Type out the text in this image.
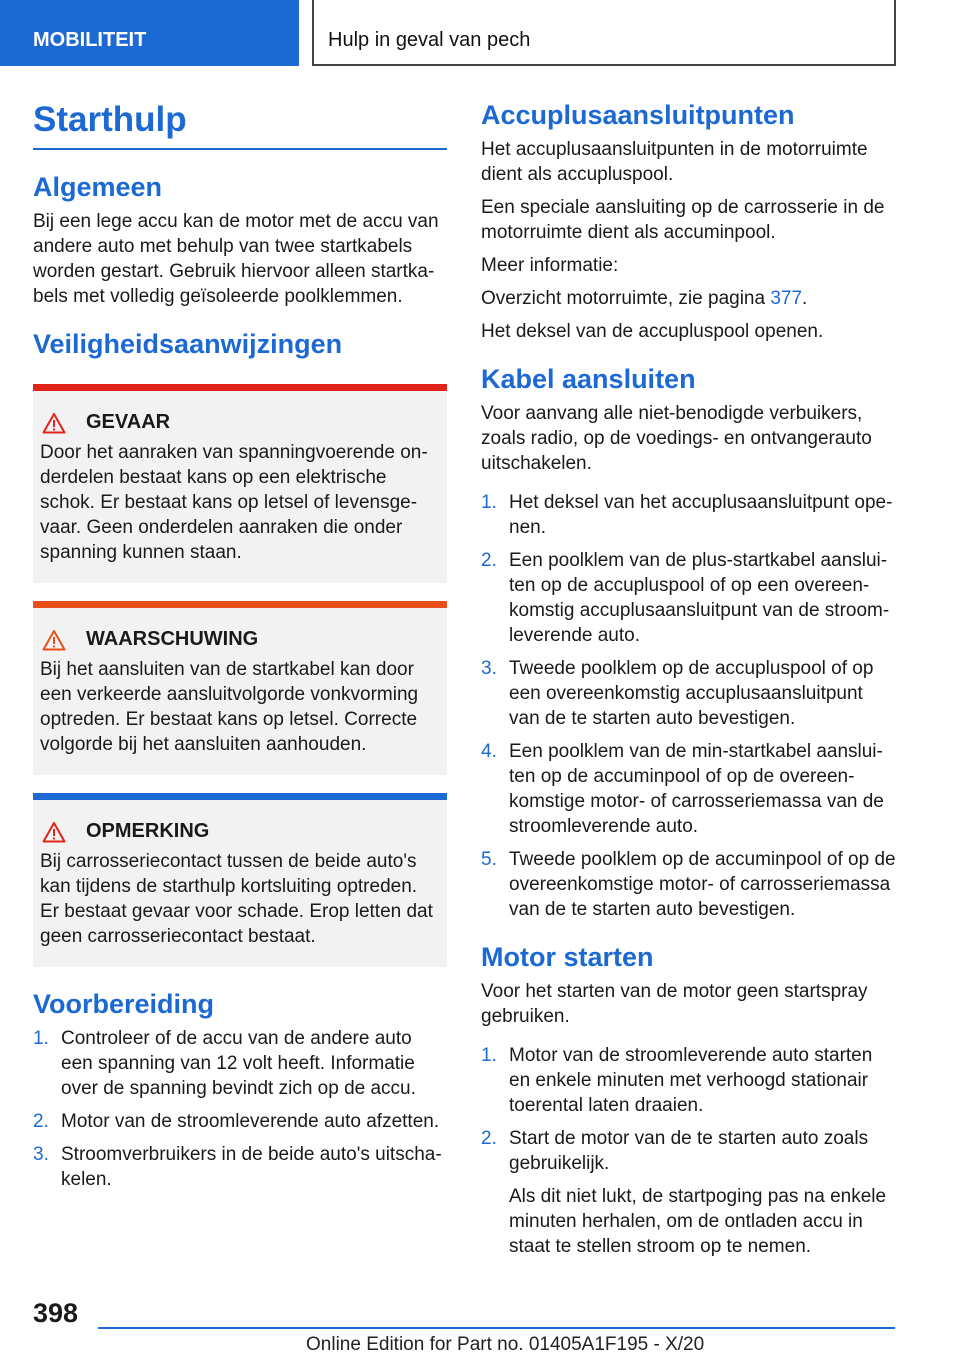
MOBILITEIT	Hulp in geval van pech
Starthulp
Algemeen

Bij een lege accu kan de motor met de accu van andere auto met behulp van twee startkabels worden gestart. Gebruik hiervoor alleen startkabels met volledig geïsoleerde poolklemmen.

Veiligheidsaanwijzingen
GEVAAR
Door het aanraken van spanningvoerende onderdelen bestaat kans op een elektrische schok. Er bestaat kans op letsel of levensgevaar. Geen onderdelen aanraken die onder spanning kunnen staan.
WAARSCHUWING
Bij het aansluiten van de startkabel kan door een verkeerde aansluitvolgorde vonkvorming optreden. Er bestaat kans op letsel. Correcte volgorde bij het aansluiten aanhouden.
OPMERKING
Bij carrosseriecontact tussen de beide auto's kan tijdens de starthulp kortsluiting optreden. Er bestaat gevaar voor schade. Erop letten dat geen carrosseriecontact bestaat.
Voorbereiding
1. Controleer of de accu van de andere auto een spanning van 12 volt heeft. Informatie over de spanning bevindt zich op de accu.
2. Motor van de stroomleverende auto afzetten.
3. Stroomverbruikers in de beide auto's uitschakelen.
Accuplusaansluitpunten

Het accuplusaansluitpunten in de motorruimte dient als accupluspool.

Een speciale aansluiting op de carrosserie in de motorruimte dient als accuminpool.

Meer informatie:

Overzicht motorruimte, zie pagina 377.

Het deksel van de accupluspool openen.

Kabel aansluiten

Voor aanvang alle niet-benodigde verbuikers, zoals radio, op de voedings- en ontvangerauto uitschakelen.

1. Het deksel van het accuplusaansluitpunt openen.
2. Een poolklem van de plus-startkabel aansluiten op de accupluspool of op een overeenkomstig accuplusaansluitpunt van de stroomleverende auto.
3. Tweede poolklem op de accupluspool of op een overeenkomstig accuplusaansluitpunt van de te starten auto bevestigen.
4. Een poolklem van de min-startkabel aansluiten op de accuminpool of op de overeenkomstige motor- of carrosseriemassa van de stroomleverende auto.
5. Tweede poolklem op de accuminpool of op de overeenkomstige motor- of carrosseriemassa van de te starten auto bevestigen.
Motor starten

Voor het starten van de motor geen startspray gebruiken.

1. Motor van de stroomleverende auto starten en enkele minuten met verhoogd stationair toerental laten draaien.
2. Start de motor van de te starten auto zoals gebruikelijk.

Als dit niet lukt, de startpoging pas na enkele minuten herhalen, om de ontladen accu in staat te stellen stroom op te nemen.

398
Online Edition for Part no. 01405A1F195 - X/20
